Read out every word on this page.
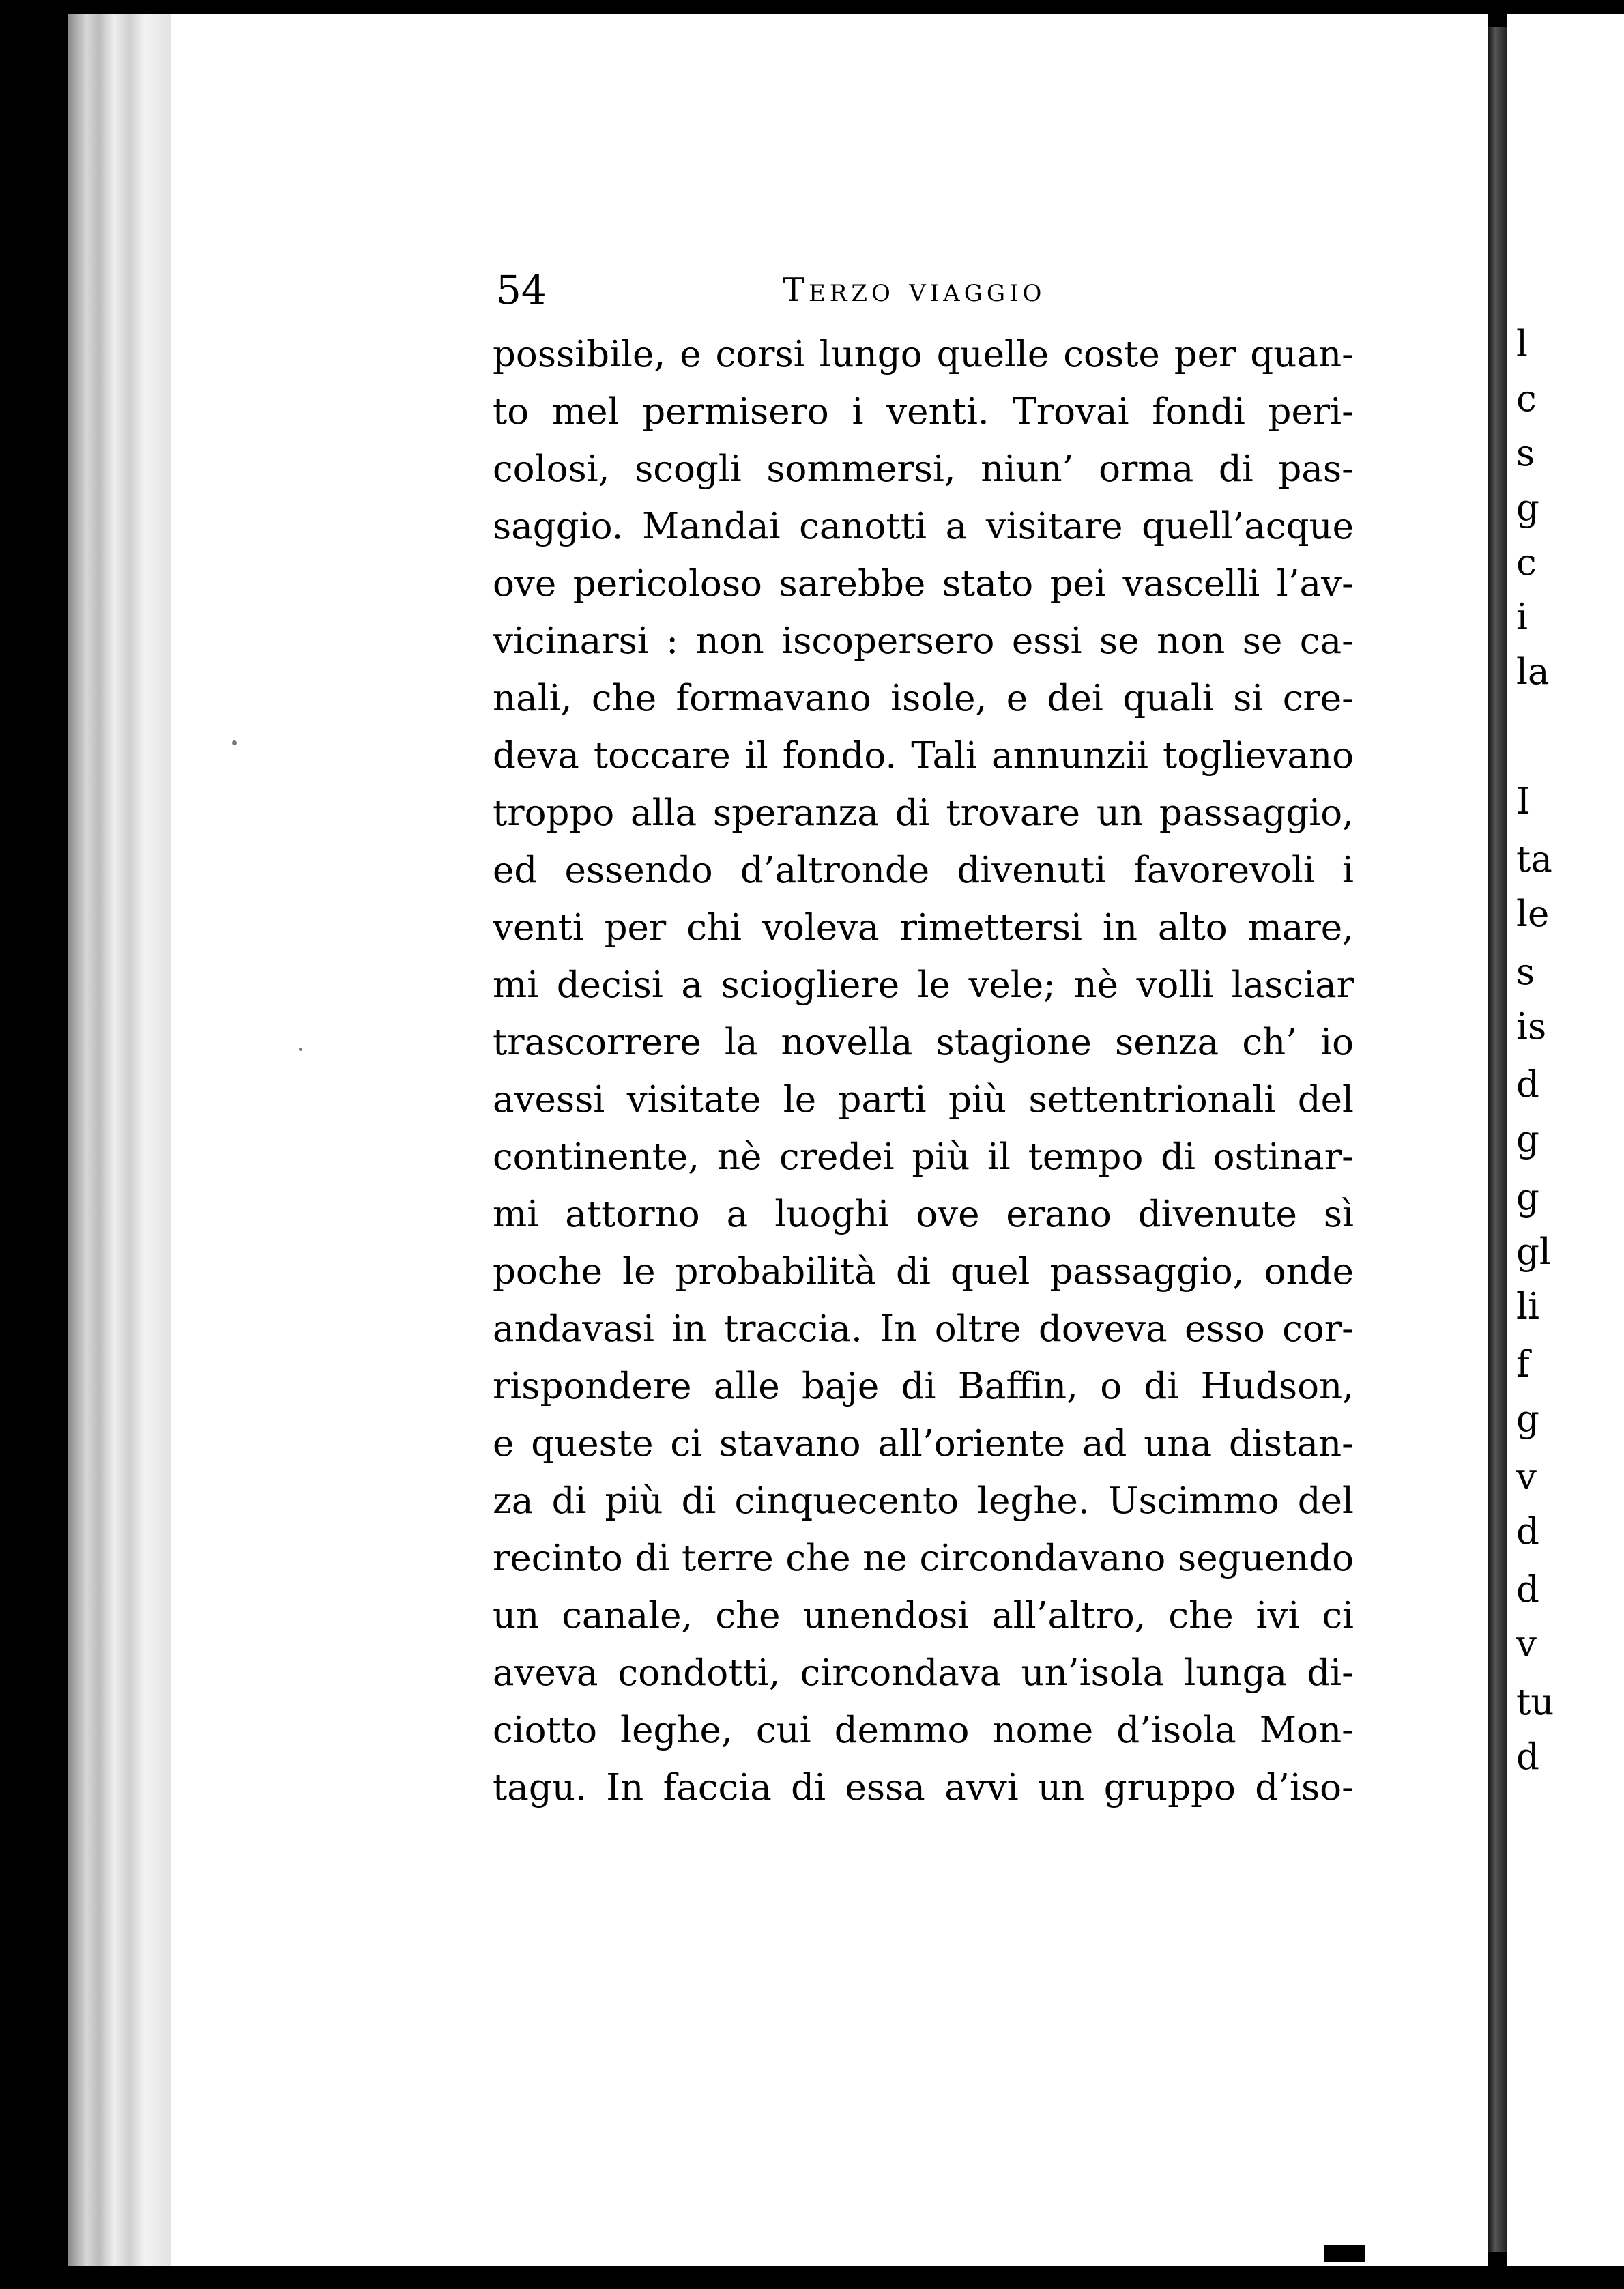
54	Terzo viaggio
possibile, e corsi lungo quelle coste per quan-
to mel permisero i venti. Trovai fondi peri-
colosi, scogli sommersi, niun’ orma di pas-
saggio. Mandai canotti a visitare quell’acque
ove pericoloso sarebbe stato pei vascelli l’av-
vicinarsi : non iscopersero essi se non se ca-
nali, che formavano isole, e dei quali si cre-
deva toccare il fondo. Tali annunzii toglievano
troppo alla speranza di trovare un passaggio,
ed essendo d’altronde divenuti favorevoli i
venti per chi voleva rimettersi in alto mare,
mi decisi a sciogliere le vele; nè volli lasciar
trascorrere la novella stagione senza ch’ io
avessi visitate le parti più settentrionali del
continente, nè credei più il tempo di ostinar-
mi attorno a luoghi ove erano divenute sì
poche le probabilità di quel passaggio, onde
andavasi in traccia. In oltre doveva esso cor-
rispondere alle baje di Baffin, o di Hudson,
e queste ci stavano all’oriente ad una distan-
za di più di cinquecento leghe. Uscimmo del
recinto di terre che ne circondavano seguendo
un canale, che unendosi all’altro, che ivi ci
aveva condotti, circondava un’isola lunga di-
ciotto leghe, cui demmo nome d’isola Mon-
tagu. In faccia di essa avvi un gruppo d’iso-
l
c
s
g
c
i
la
I
ta
le
s
is
d
g
g
gl
li
f
g
v
d
d
v
tu
d
